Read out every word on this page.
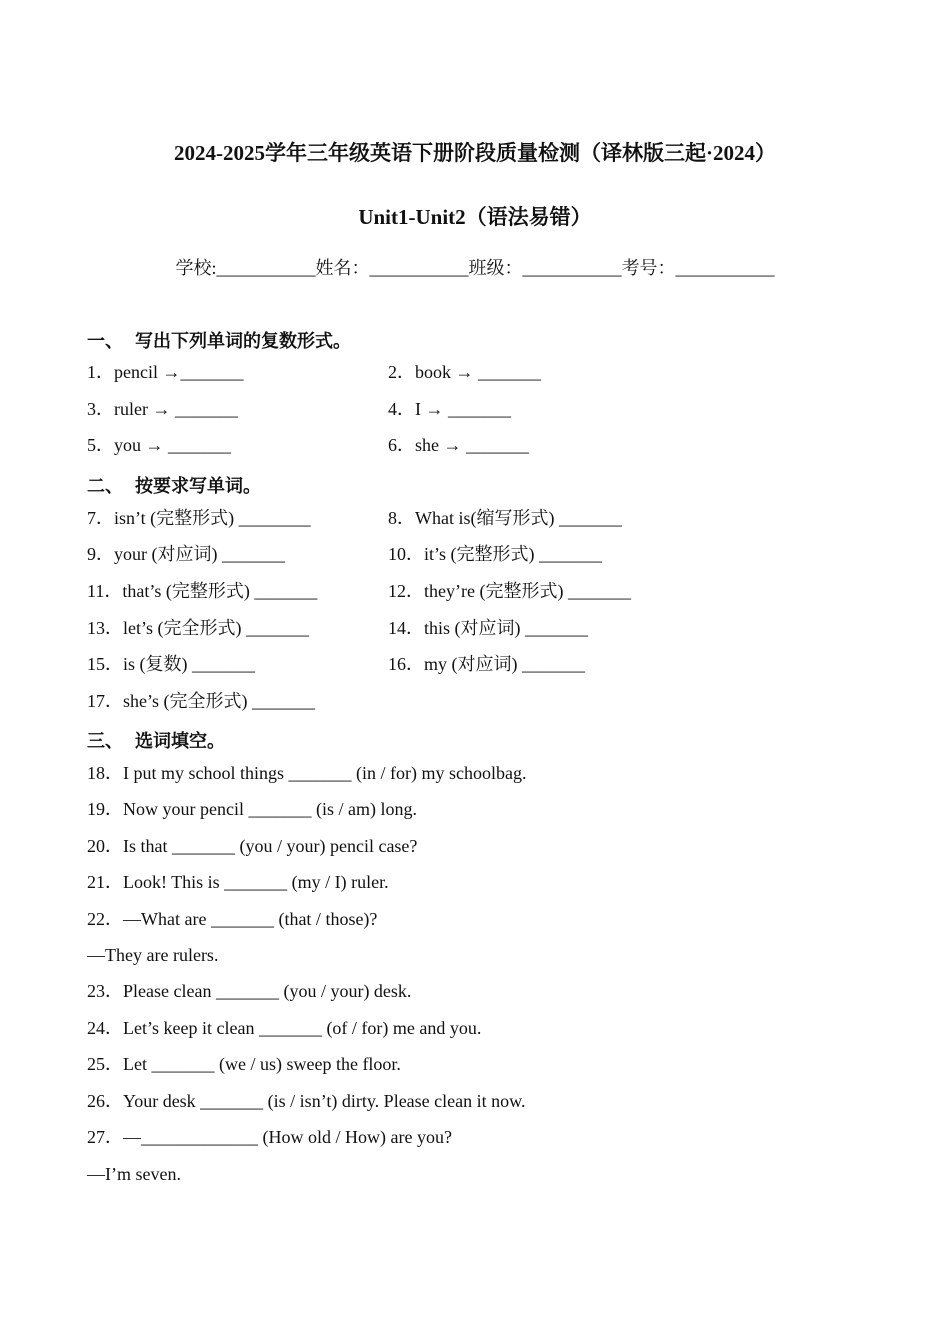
2024-2025学年三年级英语下册阶段质量检测（译林版三起·2024）
Unit1-Unit2（语法易错）
学校:___________姓名：___________班级：___________考号：___________
一、 写出下列单词的复数形式。
1．pencil →_______	2．book → _______
3．ruler → _______	4．I → _______
5．you → _______	6．she → _______
二、 按要求写单词。
7．isn’t (完整形式) ________	8．What is(缩写形式) _______
9．your (对应词) _______	10．it’s (完整形式) _______
11．that’s (完整形式) _______	12．they’re (完整形式) _______
13．let’s (完全形式) _______	14．this (对应词) _______
15．is (复数) _______	16．my (对应词) _______
17．she’s (完全形式) _______
三、 选词填空。
18．I put my school things _______ (in / for) my schoolbag.
19．Now your pencil _______ (is / am) long.
20．Is that _______ (you / your) pencil case?
21．Look! This is _______ (my / I) ruler.
22．—What are _______ (that / those)?
—They are rulers.
23．Please clean _______ (you / your) desk.
24．Let’s keep it clean _______ (of / for) me and you.
25．Let _______ (we / us) sweep the floor.
26．Your desk _______ (is / isn’t) dirty. Please clean it now.
27．—_____________ (How old / How) are you?
—I’m seven.
